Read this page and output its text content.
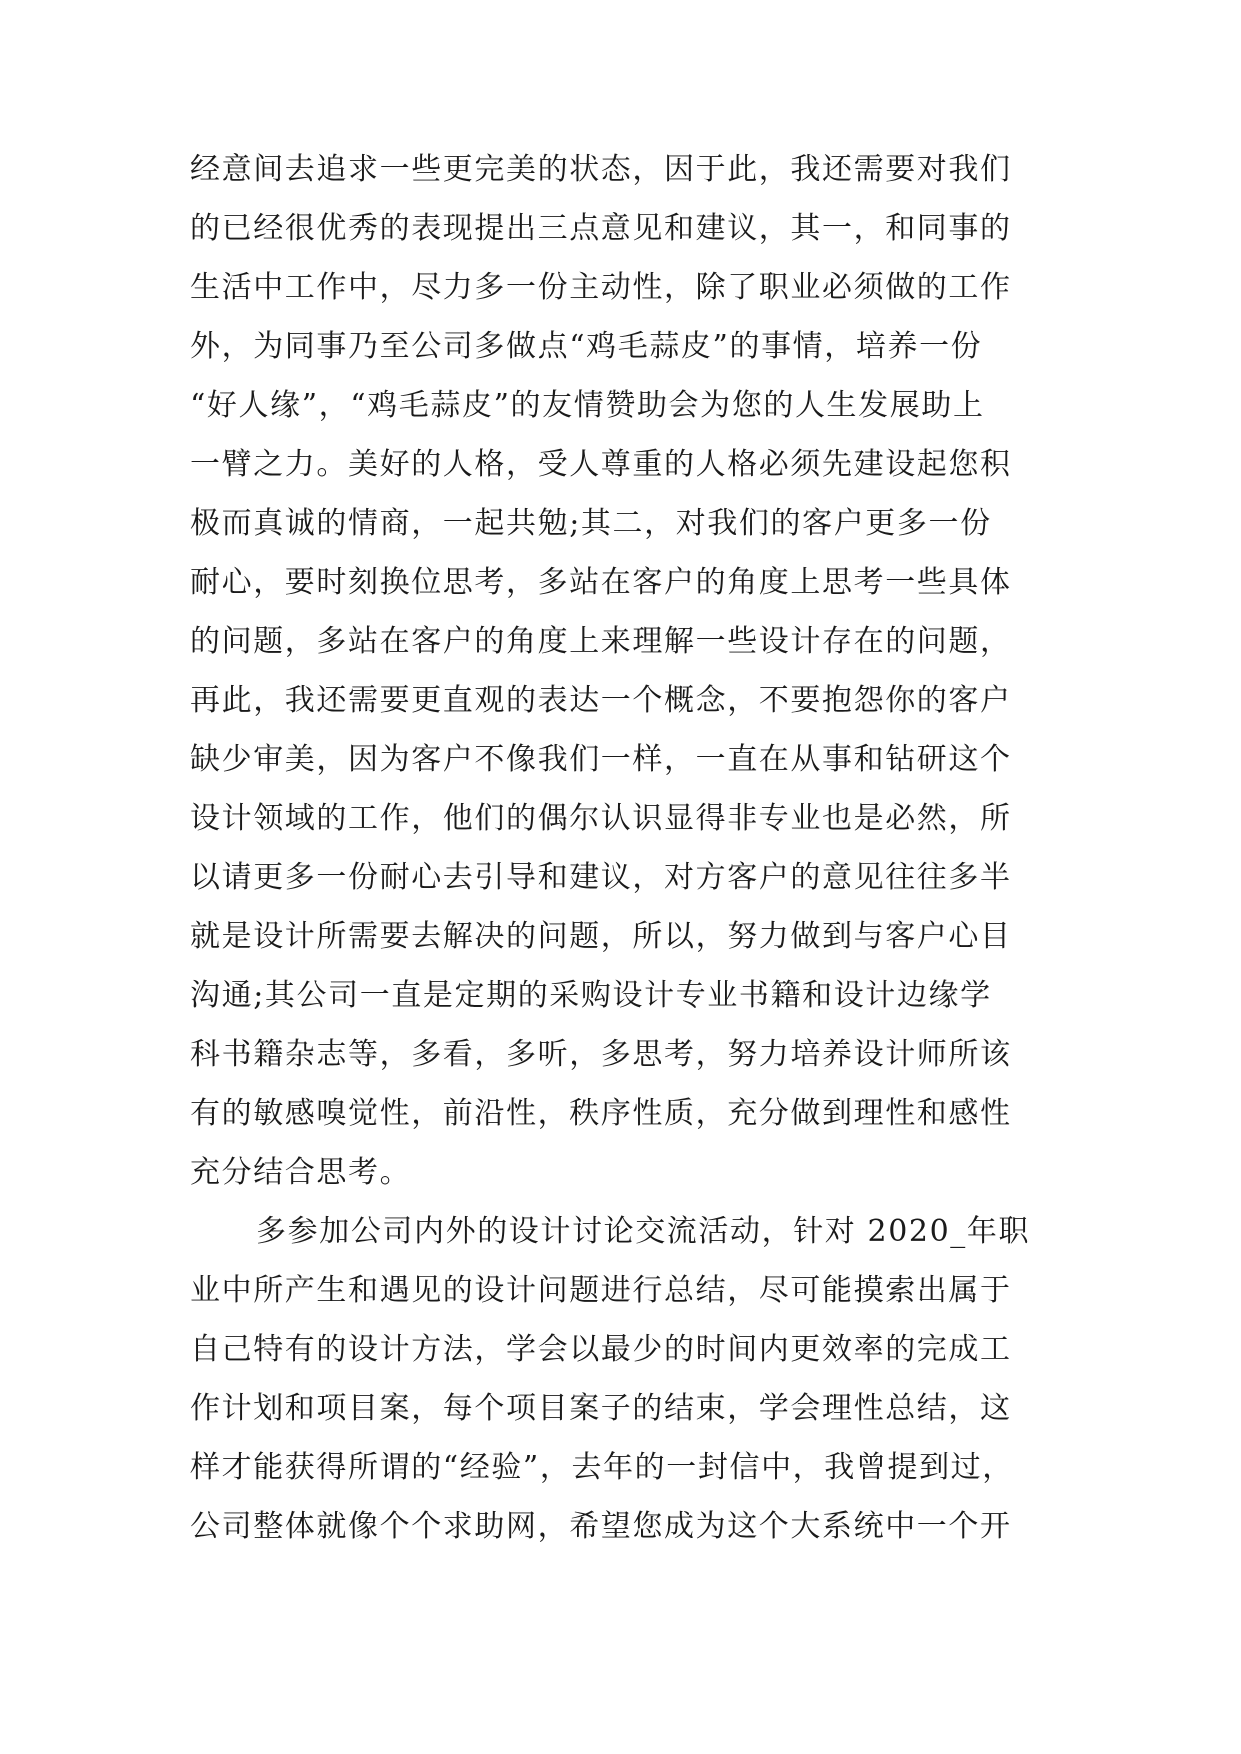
经意间去追求一些更完美的状态，因于此，我还需要对我们
的已经很优秀的表现提出三点意见和建议，其一，和同事的
生活中工作中，尽力多一份主动性，除了职业必须做的工作
外，为同事乃至公司多做点“鸡毛蒜皮”的事情，培养一份
“好人缘”，“鸡毛蒜皮”的友情赞助会为您的人生发展助上
一臂之力。美好的人格，受人尊重的人格必须先建设起您积
极而真诚的情商，一起共勉;其二，对我们的客户更多一份
耐心，要时刻换位思考，多站在客户的角度上思考一些具体
的问题，多站在客户的角度上来理解一些设计存在的问题，
再此，我还需要更直观的表达一个概念，不要抱怨你的客户
缺少审美，因为客户不像我们一样，一直在从事和钻研这个
设计领域的工作，他们的偶尔认识显得非专业也是必然，所
以请更多一份耐心去引导和建议，对方客户的意见往往多半
就是设计所需要去解决的问题，所以，努力做到与客户心目
沟通;其公司一直是定期的采购设计专业书籍和设计边缘学
科书籍杂志等，多看，多听，多思考，努力培养设计师所该
有的敏感嗅觉性，前沿性，秩序性质，充分做到理性和感性
充分结合思考。
多参加公司内外的设计讨论交流活动，针对 2020_年职
业中所产生和遇见的设计问题进行总结，尽可能摸索出属于
自己特有的设计方法，学会以最少的时间内更效率的完成工
作计划和项目案，每个项目案子的结束，学会理性总结，这
样才能获得所谓的“经验”，去年的一封信中，我曾提到过，
公司整体就像个个求助网，希望您成为这个大系统中一个开
